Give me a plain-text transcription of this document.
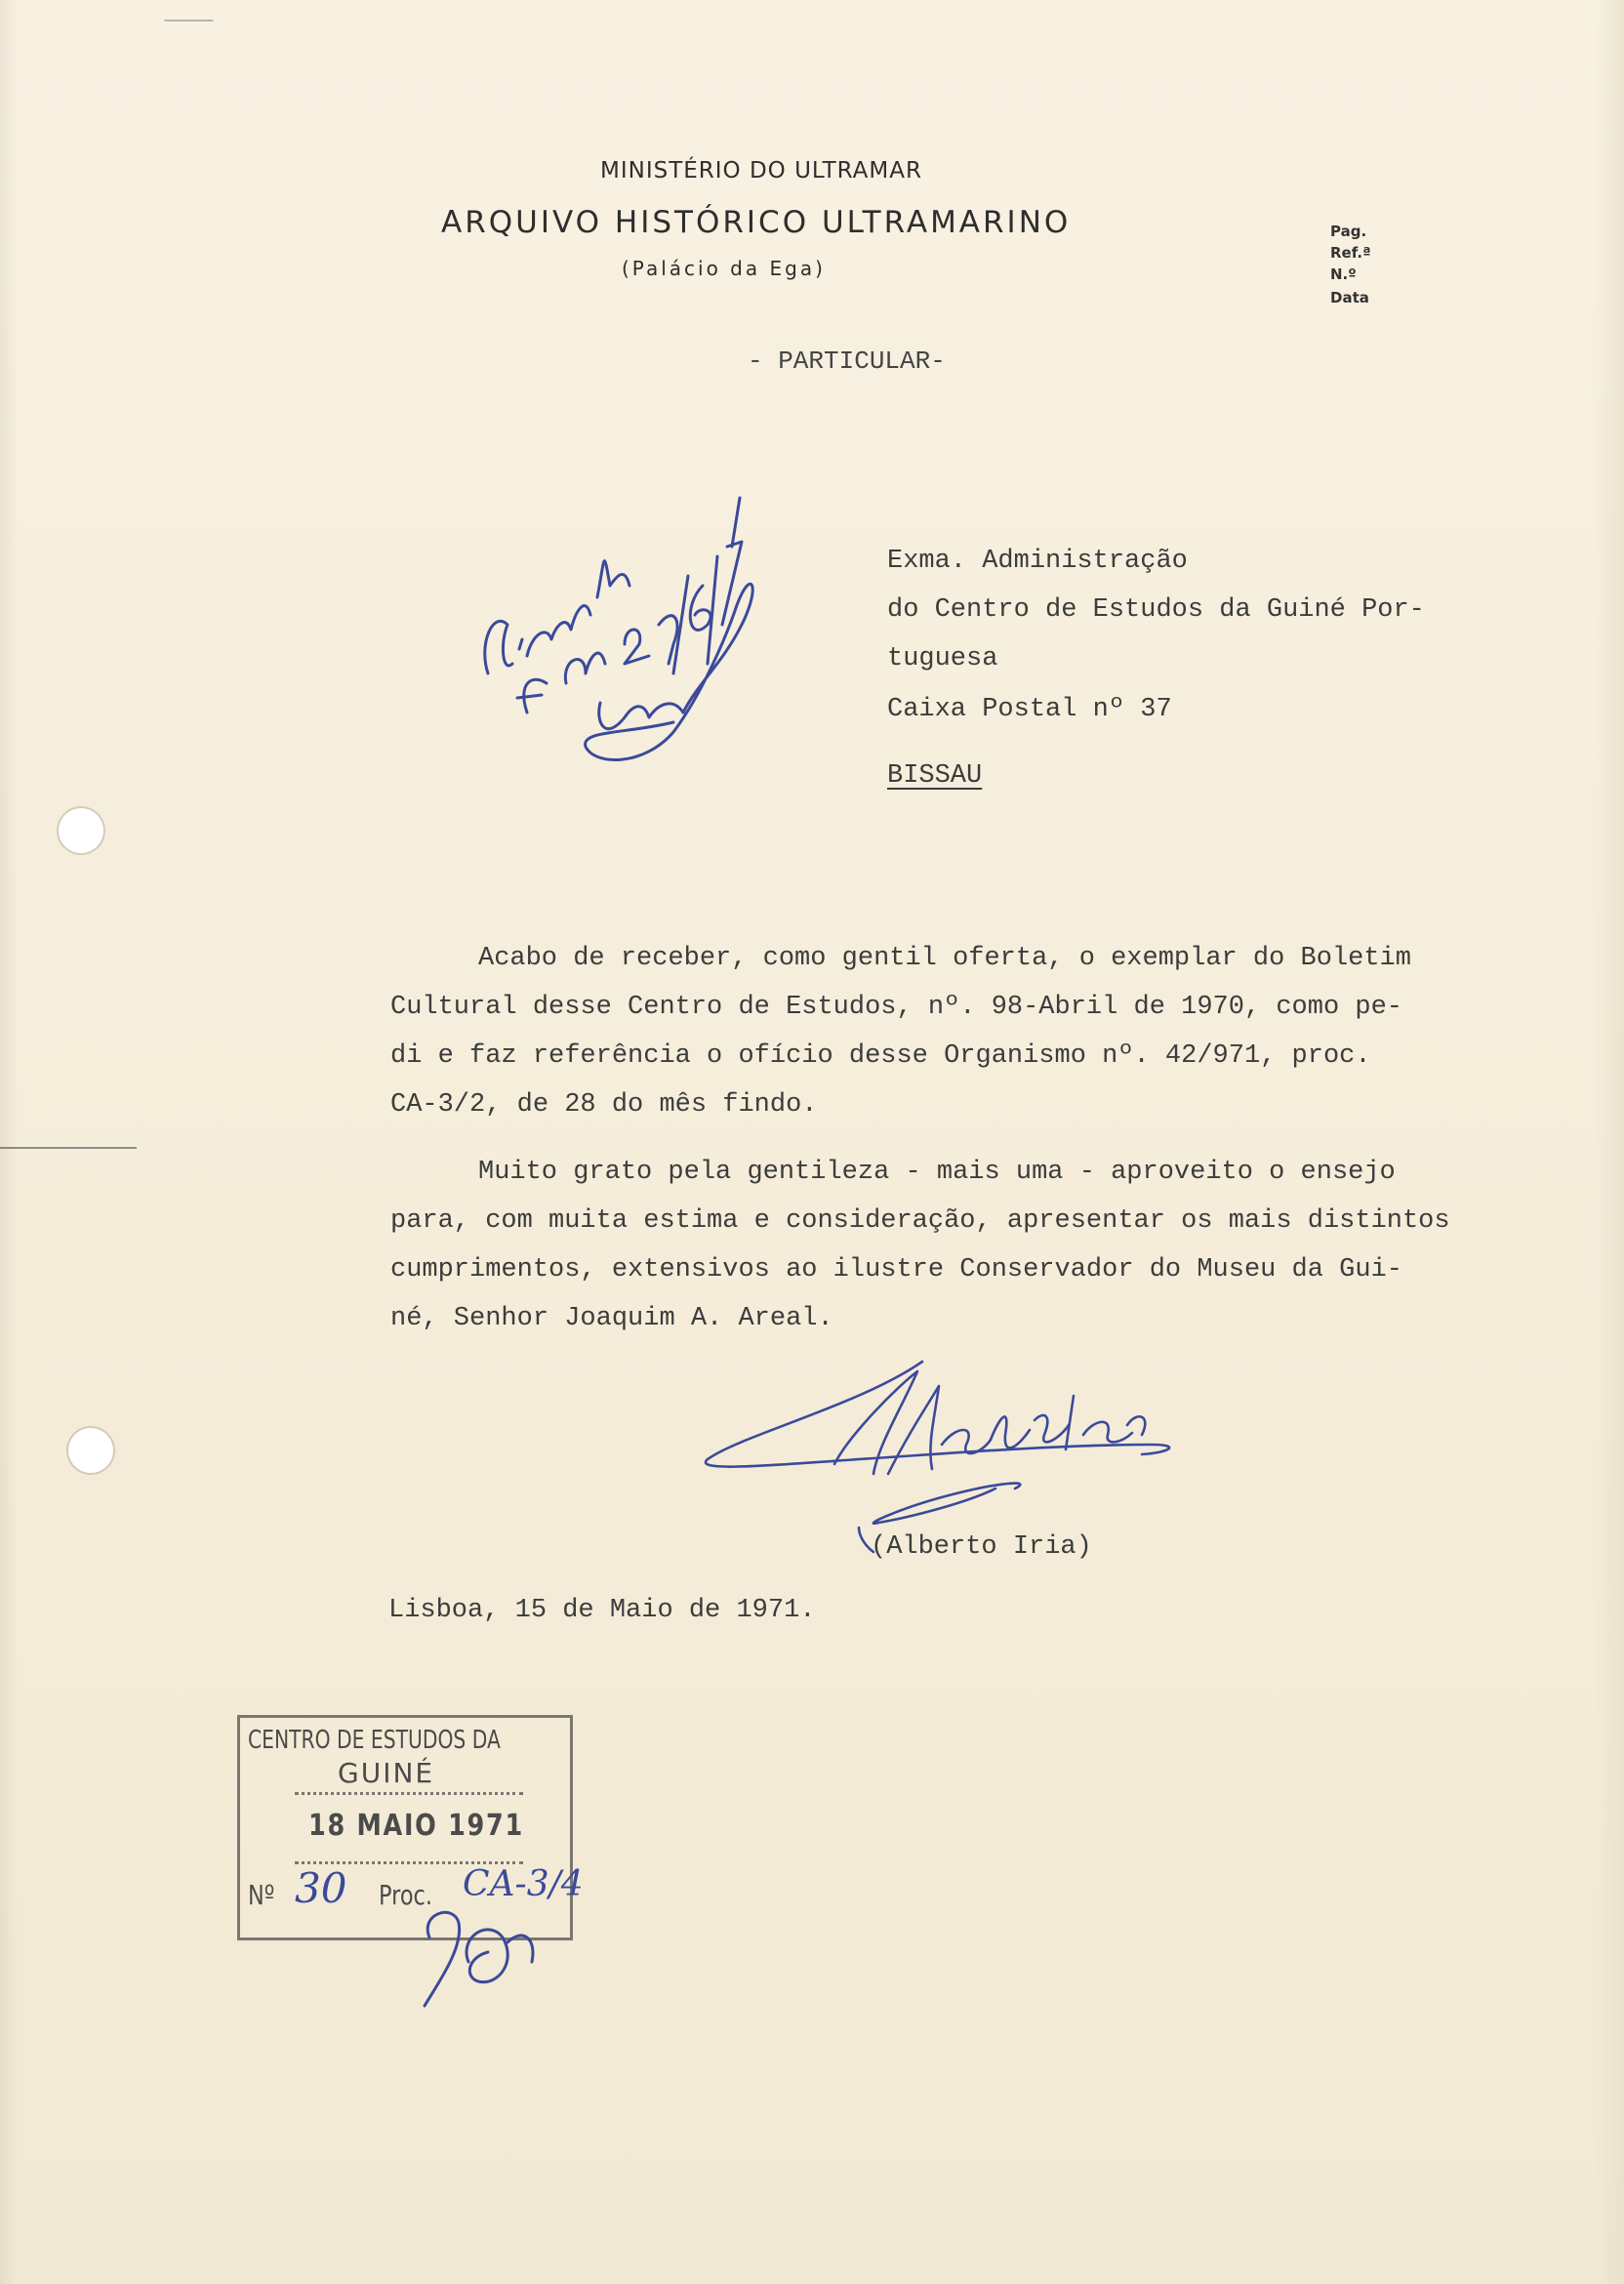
MINISTÉRIO DO ULTRAMAR
ARQUIVO HISTÓRICO ULTRAMARINO
(Palácio da Ega)
Pag.
Ref.ª
N.º
Data
- PARTICULAR-
Exma. Administração
do Centro de Estudos da Guiné Por-
tuguesa
Caixa Postal nº 37
BISSAU
Acabo de receber, como gentil oferta, o exemplar do Boletim
Cultural desse Centro de Estudos, nº. 98-Abril de 1970, como pe-
di e faz referência o ofício desse Organismo nº. 42/971, proc.
CA-3/2, de 28 do mês findo.
Muito grato pela gentileza - mais uma - aproveito o ensejo
para, com muita estima e consideração, apresentar os mais distintos
cumprimentos, extensivos ao ilustre Conservador do Museu da Gui-
né, Senhor Joaquim A. Areal.
(Alberto Iria)
Lisboa, 15 de Maio de 1971.
CENTRO DE ESTUDOS DA
GUINÉ
18 MAIO 1971
Nº 30 Proc. CA-3/4
